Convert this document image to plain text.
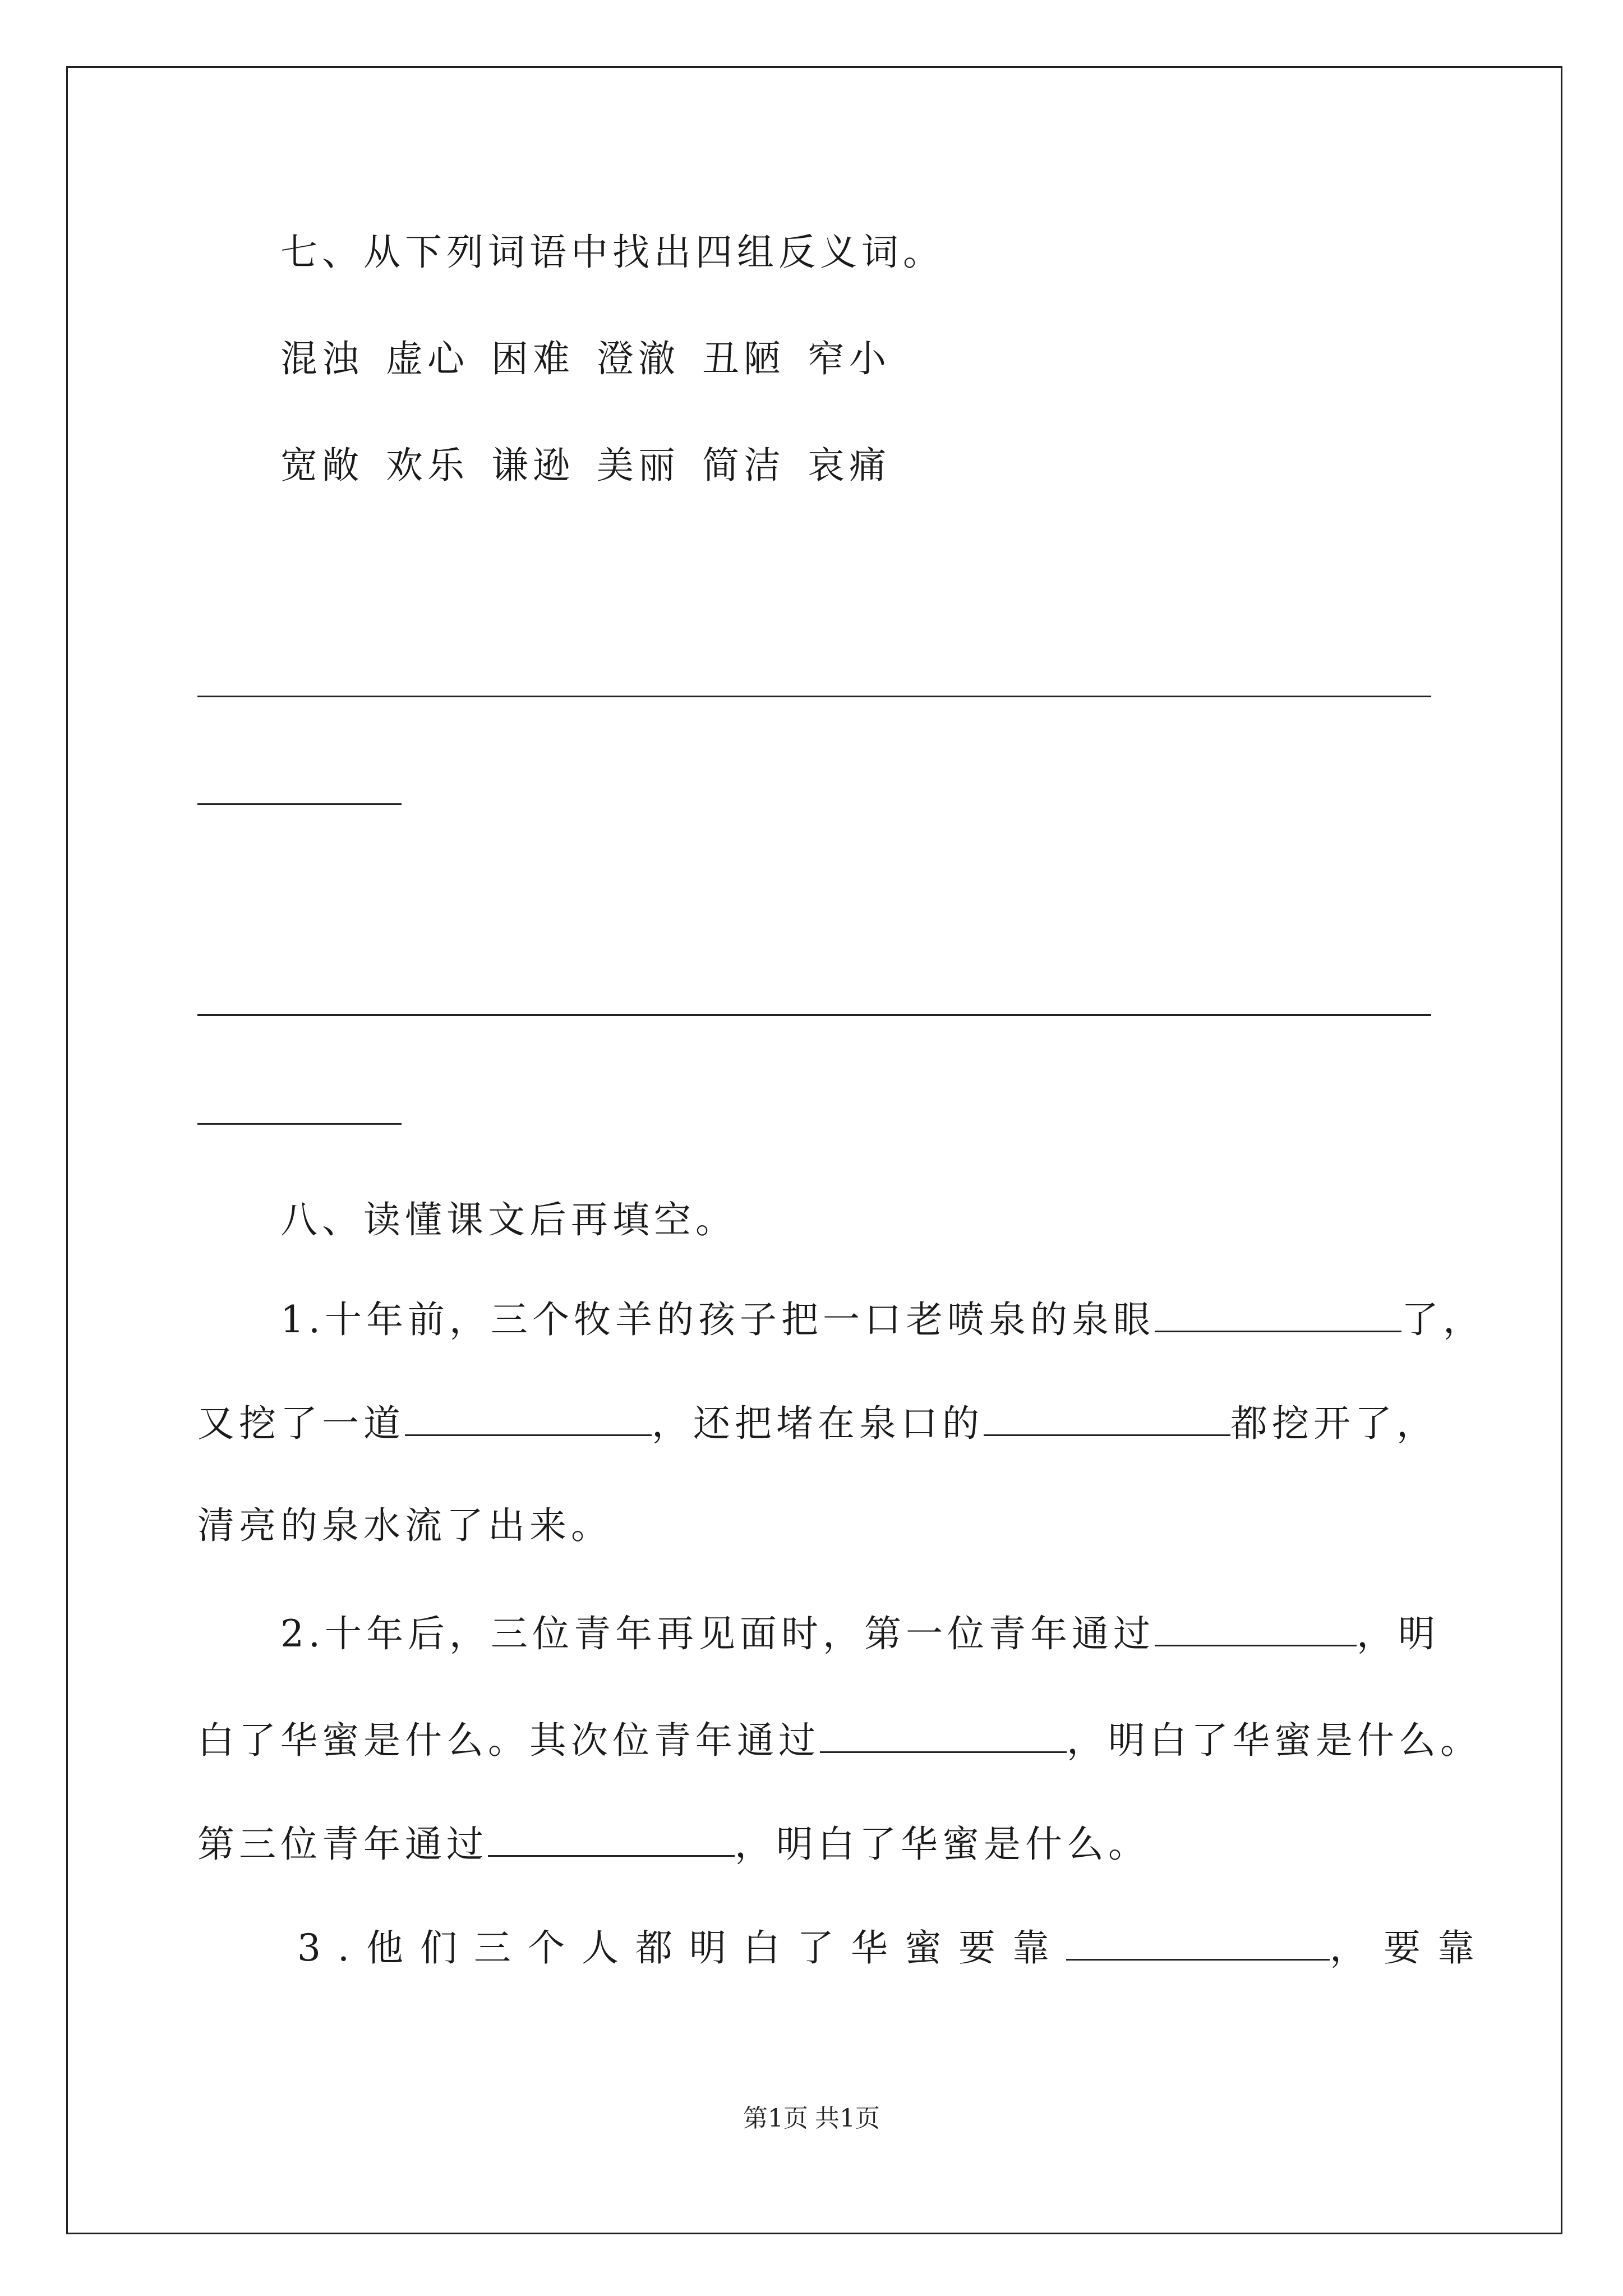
七、从下列词语中找出四组反义词。
混浊 虚心 困难 澄澈 丑陋 窄小
宽敞 欢乐 谦逊 美丽 简洁 哀痛
八、读懂课文后再填空。
1.十年前，三个牧羊的孩子把一口老喷泉的泉眼	了，
又挖了一道	，还把堵在泉口的	都挖开了，
清亮的泉水流了出来。
2.十年后，三位青年再见面时，第一位青年通过	，明
白了华蜜是什么。其次位青年通过	，明白了华蜜是什么。
第三位青年通过	，明白了华蜜是什么。
3.他们三个人都明白了华蜜要靠	，要靠
第1页 共1页
